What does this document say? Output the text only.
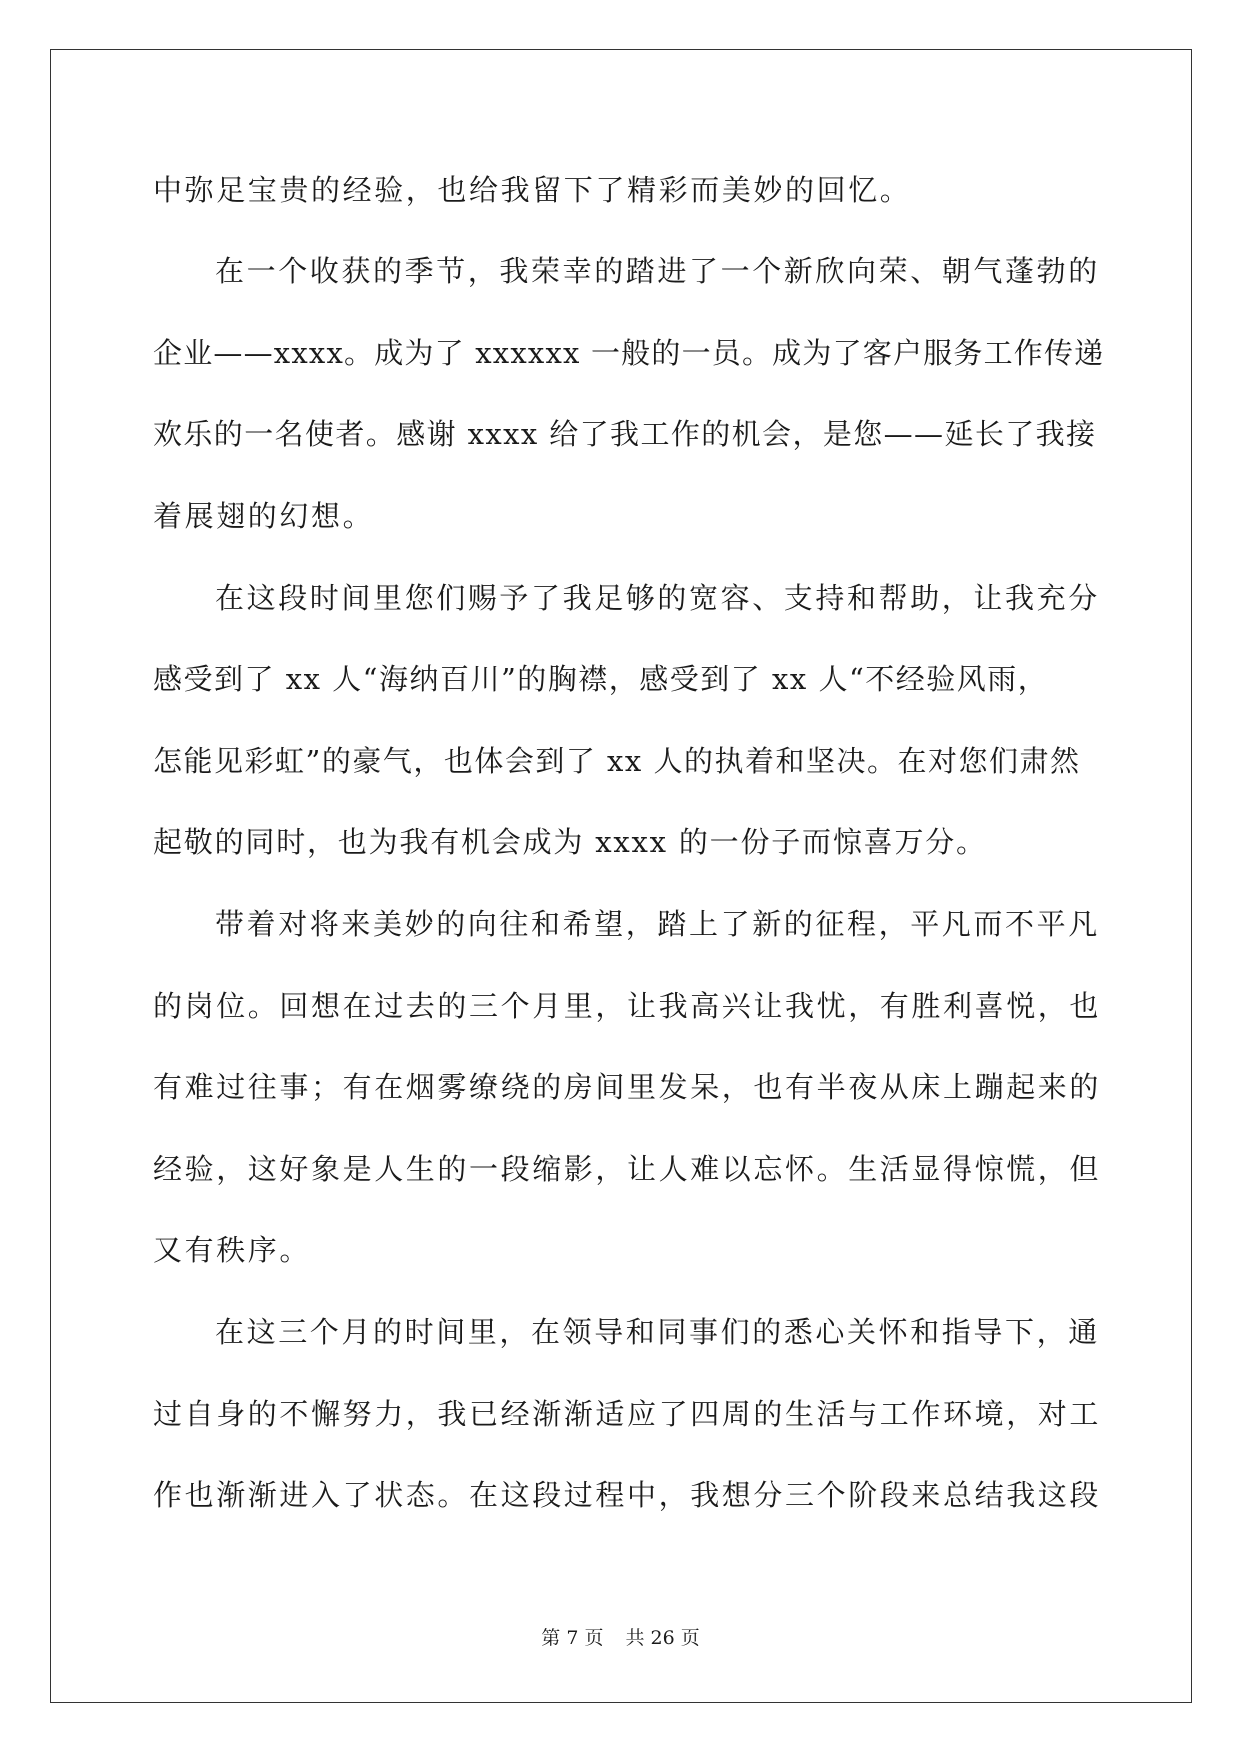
中弥足宝贵的经验，也给我留下了精彩而美妙的回忆。
在一个收获的季节，我荣幸的踏进了一个新欣向荣、朝气蓬勃的
企业——xxxx。成为了 xxxxxx 一般的一员。成为了客户服务工作传递
欢乐的一名使者。感谢 xxxx 给了我工作的机会，是您——延长了我接
着展翅的幻想。
在这段时间里您们赐予了我足够的宽容、支持和帮助，让我充分
感受到了 xx 人“海纳百川”的胸襟，感受到了 xx 人“不经验风雨，
怎能见彩虹”的豪气，也体会到了 xx 人的执着和坚决。在对您们肃然
起敬的同时，也为我有机会成为 xxxx 的一份子而惊喜万分。
带着对将来美妙的向往和希望，踏上了新的征程，平凡而不平凡
的岗位。回想在过去的三个月里，让我高兴让我忧，有胜利喜悦，也
有难过往事；有在烟雾缭绕的房间里发呆，也有半夜从床上蹦起来的
经验，这好象是人生的一段缩影，让人难以忘怀。生活显得惊慌，但
又有秩序。
在这三个月的时间里，在领导和同事们的悉心关怀和指导下，通
过自身的不懈努力，我已经渐渐适应了四周的生活与工作环境，对工
作也渐渐进入了状态。在这段过程中，我想分三个阶段来总结我这段
第 7 页 共 26 页
